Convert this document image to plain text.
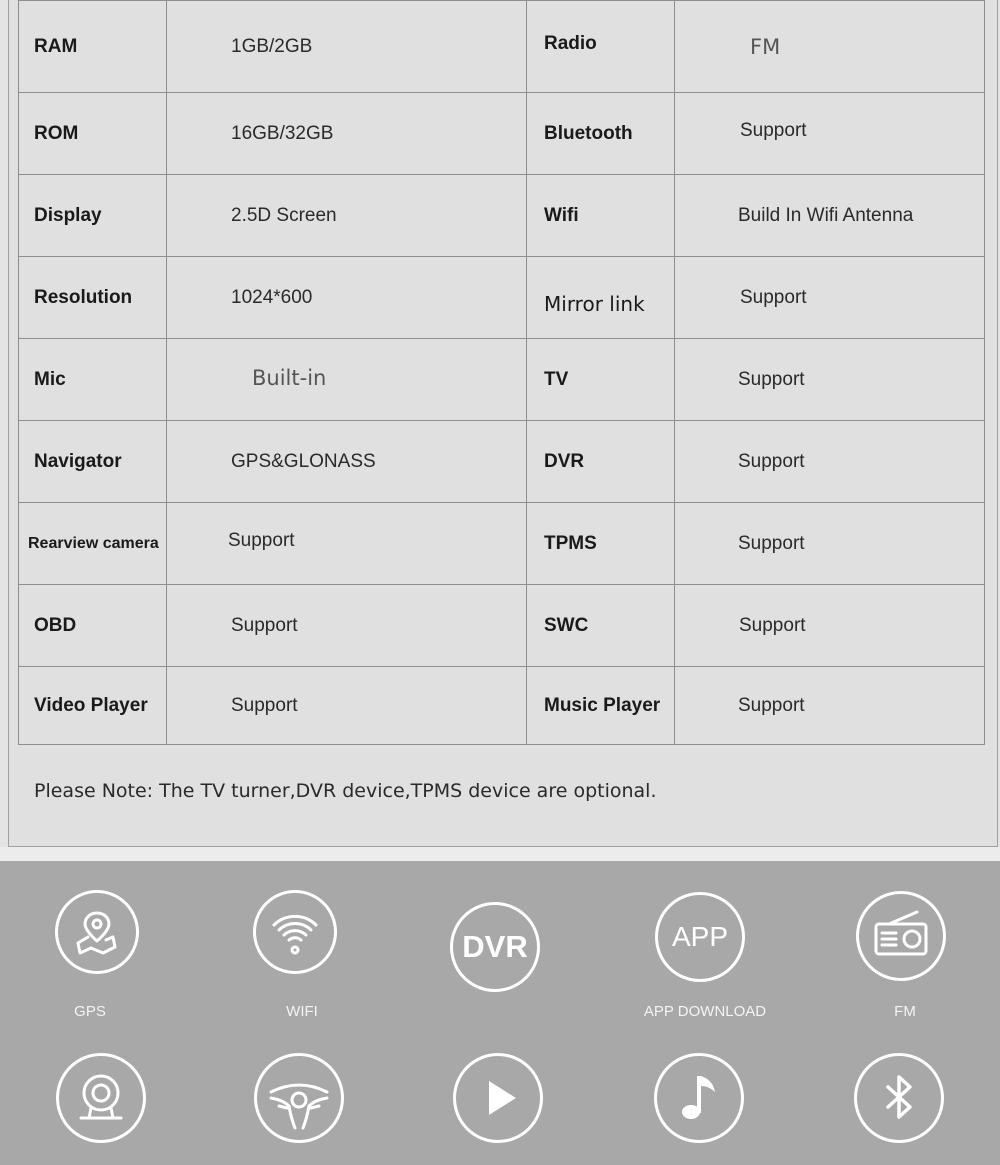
RAM	1GB/2GB	Radio	FM
ROM	16GB/32GB	Bluetooth	Support
Display	2.5D Screen	Wifi	Build In Wifi Antenna
Resolution	1024*600	Mirror link	Support
Mic	Built-in	TV	Support
Navigator	GPS&GLONASS	DVR	Support
Rearview camera	Support	TPMS	Support
OBD	Support	SWC	Support
Video Player	Support	Music Player	Support
Please Note: The TV turner,DVR device,TPMS device are optional.
GPS	WIFI
DVR	APP
APP DOWNLOAD	FM
